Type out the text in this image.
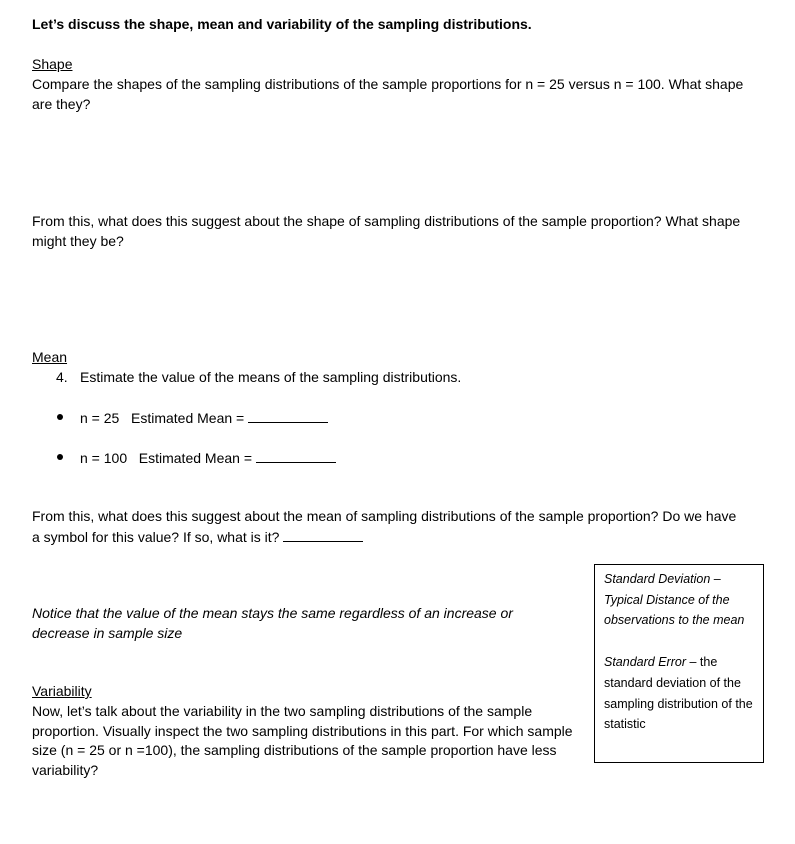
Let’s discuss the shape, mean and variability of the sampling distributions.
Shape
Compare the shapes of the sampling distributions of the sample proportions for n = 25 versus n = 100. What shape are they?
From this, what does this suggest about the shape of sampling distributions of the sample proportion? What shape might they be?
Mean
4. Estimate the value of the means of the sampling distributions.
n = 25   Estimated Mean =
n = 100   Estimated Mean =
From this, what does this suggest about the mean of sampling distributions of the sample proportion? Do we have a symbol for this value? If so, what is it?
Notice that the value of the mean stays the same regardless of an increase or decrease in sample size
Variability
Now, let’s talk about the variability in the two sampling distributions of the sample proportion. Visually inspect the two sampling distributions in this part. For which sample size (n = 25 or n =100), the sampling distributions of the sample proportion have less variability?

Standard Deviation – Typical Distance of the observations to the mean

Standard Error – the standard deviation of the sampling distribution of the statistic
